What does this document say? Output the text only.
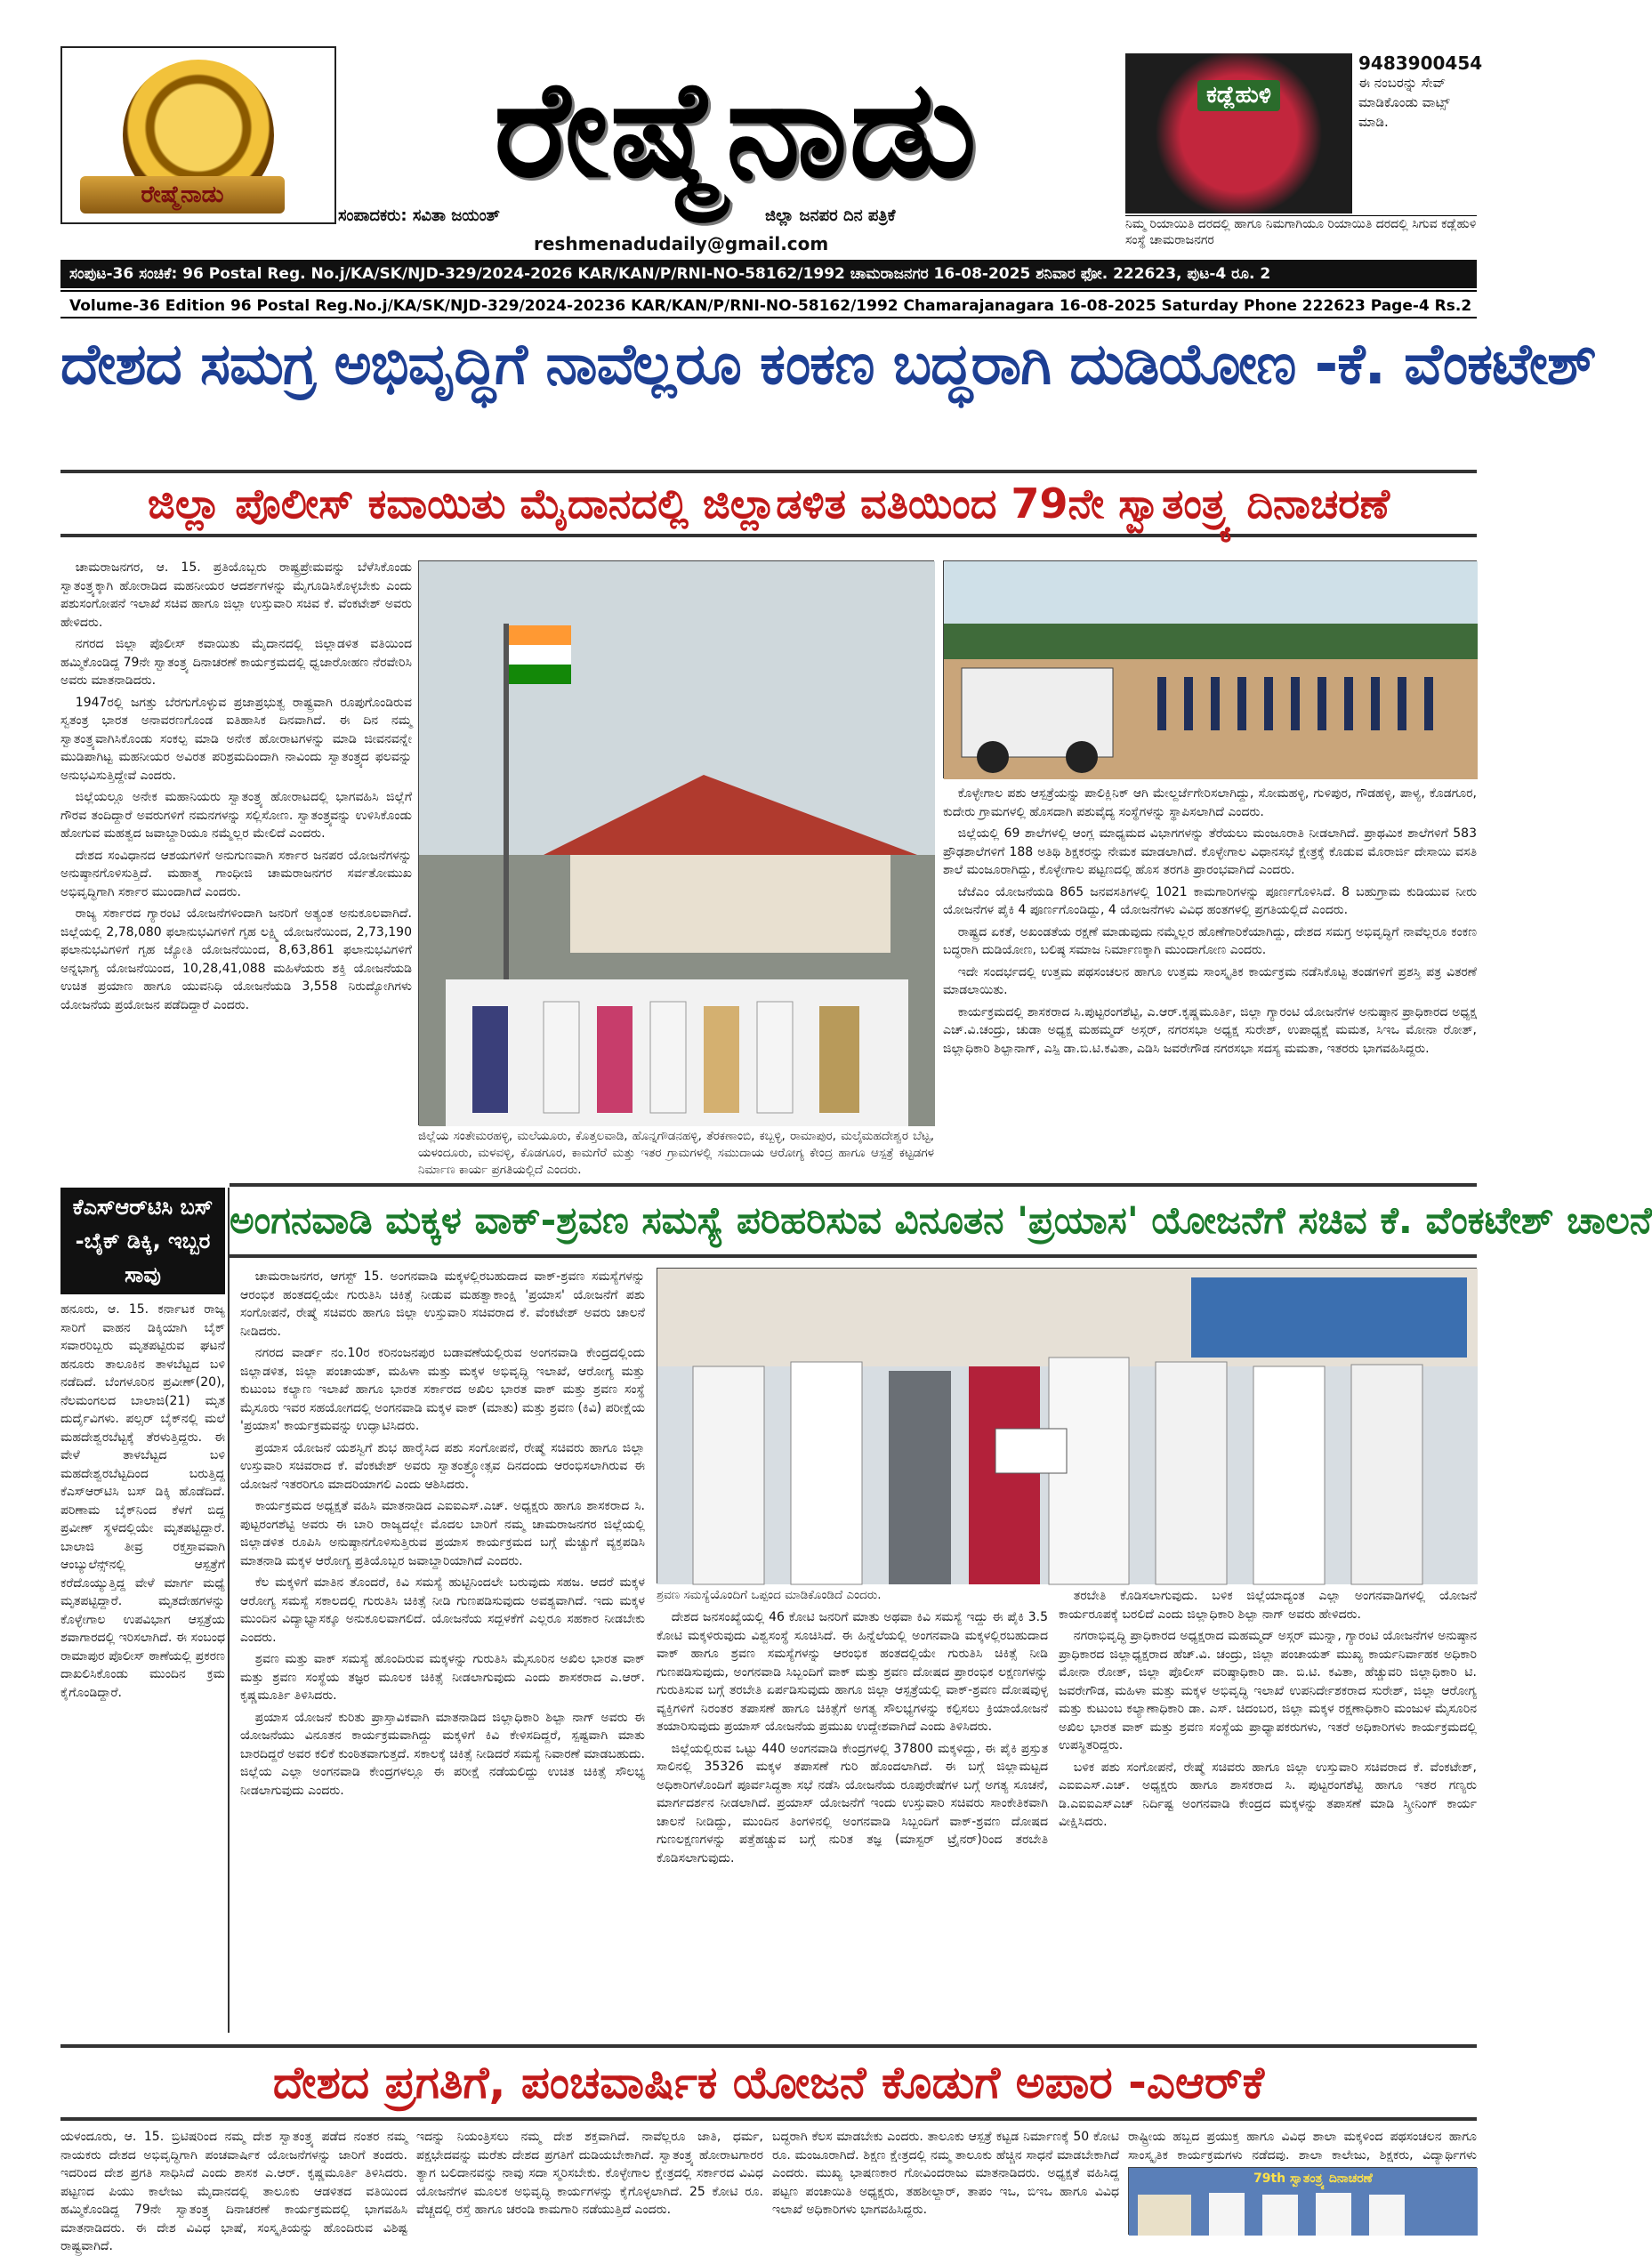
ರೇಷ್ಮೆನಾಡು	ರೇಷ್ಮೆನಾಡು	ಕಡ್ಲೆಹುಳಿ
9483900454
ಈ ನಂಬರನ್ನು ಸೇವ್ ಮಾಡಿಕೊಂಡು ವಾಟ್ಸ್ ಮಾಡಿ.
ನಿಮ್ಮ ರಿಯಾಯಿತಿ ದರದಲ್ಲಿ ಹಾಗೂ ನಿಮಗಾಗಿಯೂ ರಿಯಾಯಿತಿ ದರದಲ್ಲಿ ಸಿಗುವ ಕಡ್ಲೆಹುಳಿ ಸಂಸ್ಥೆ ಚಾಮರಾಜನಗರ
ಸಂಪಾದಕರು: ಸವಿತಾ ಜಯಂತ್	ಜಿಲ್ಲಾ ಜನಪರ ದಿನ ಪತ್ರಿಕೆ
reshmenadudaily@gmail.com
ಸಂಪುಟ-36 ಸಂಚಿಕೆ: 96 Postal Reg. No.j/KA/SK/NJD-329/2024-2026 KAR/KAN/P/RNI-NO-58162/1992 ಚಾಮರಾಜನಗರ 16-08-2025 ಶನಿವಾರ ಫೋ. 222623, ಪುಟ-4 ರೂ. 2
Volume-36 Edition 96 Postal Reg.No.j/KA/SK/NJD-329/2024-20236 KAR/KAN/P/RNI-NO-58162/1992 Chamarajanagara 16-08-2025 Saturday Phone 222623 Page-4 Rs.2
ದೇಶದ ಸಮಗ್ರ ಅಭಿವೃದ್ಧಿಗೆ ನಾವೆಲ್ಲರೂ ಕಂಕಣ ಬದ್ಧರಾಗಿ ದುಡಿಯೋಣ -ಕೆ. ವೆಂಕಟೇಶ್
ಜಿಲ್ಲಾ ಪೊಲೀಸ್ ಕವಾಯಿತು ಮೈದಾನದಲ್ಲಿ ಜಿಲ್ಲಾಡಳಿತ ವತಿಯಿಂದ 79ನೇ ಸ್ವಾತಂತ್ರ್ಯ ದಿನಾಚರಣೆ

ಚಾಮರಾಜನಗರ, ಆ. 15. ಪ್ರತಿಯೊಬ್ಬರು ರಾಷ್ಟ್ರಪ್ರೇಮವನ್ನು ಬೆಳೆಸಿಕೊಂಡು ಸ್ವಾತಂತ್ರ್ಯಕ್ಕಾಗಿ ಹೋರಾಡಿದ ಮಹನೀಯರ ಆದರ್ಶಗಳನ್ನು ಮೈಗೂಡಿಸಿಕೊಳ್ಳಬೇಕು ಎಂದು ಪಶುಸಂಗೋಪನೆ ಇಲಾಖೆ ಸಚಿವ ಹಾಗೂ ಜಿಲ್ಲಾ ಉಸ್ತುವಾರಿ ಸಚಿವ ಕೆ. ವೆಂಕಟೇಶ್ ಅವರು ಹೇಳಿದರು.

ನಗರದ ಜಿಲ್ಲಾ ಪೊಲೀಸ್ ಕವಾಯಿತು ಮೈದಾನದಲ್ಲಿ ಜಿಲ್ಲಾಡಳಿತ ವತಿಯಿಂದ ಹಮ್ಮಿಕೊಂಡಿದ್ದ 79ನೇ ಸ್ವಾತಂತ್ರ್ಯ ದಿನಾಚರಣೆ ಕಾರ್ಯಕ್ರಮದಲ್ಲಿ ಧ್ವಜಾರೋಹಣ ನೆರವೇರಿಸಿ ಅವರು ಮಾತನಾಡಿದರು.

1947ರಲ್ಲಿ ಜಗತ್ತು ಬೆರಗುಗೊಳ್ಳುವ ಪ್ರಜಾಪ್ರಭುತ್ವ ರಾಷ್ಟ್ರವಾಗಿ ರೂಪುಗೊಂಡಿರುವ ಸ್ವತಂತ್ರ ಭಾರತ ಅನಾವರಣಗೊಂಡ ಐತಿಹಾಸಿಕ ದಿನವಾಗಿದೆ. ಈ ದಿನ ನಮ್ಮ ಸ್ವಾತಂತ್ರ್ಯವಾಗಿಸಿಕೊಂಡು ಸಂಕಲ್ಪ ಮಾಡಿ ಅನೇಕ ಹೋರಾಟಗಳನ್ನು ಮಾಡಿ ಜೀವನವನ್ನೇ ಮುಡಿಪಾಗಿಟ್ಟ ಮಹನೀಯರ ಅವಿರತ ಪರಿಶ್ರಮದಿಂದಾಗಿ ನಾವಿಂದು ಸ್ವಾತಂತ್ರ್ಯದ ಫಲವನ್ನು ಅನುಭವಿಸುತ್ತಿದ್ದೇವೆ ಎಂದರು.

ಜಿಲ್ಲೆಯಲ್ಲೂ ಅನೇಕ ಮಹಾನಿಯರು ಸ್ವಾತಂತ್ರ್ಯ ಹೋರಾಟದಲ್ಲಿ ಭಾಗವಹಿಸಿ ಜಿಲ್ಲೆಗೆ ಗೌರವ ತಂದಿದ್ದಾರೆ ಅವರುಗಳಿಗೆ ನಮನಗಳನ್ನು ಸಲ್ಲಿಸೋಣ. ಸ್ವಾತಂತ್ರ್ಯವನ್ನು ಉಳಿಸಿಕೊಂಡು ಹೋಗುವ ಮಹತ್ವದ ಜವಾಬ್ದಾರಿಯೂ ನಮ್ಮೆಲ್ಲರ ಮೇಲಿದೆ ಎಂದರು.

ದೇಶದ ಸಂವಿಧಾನದ ಆಶಯಗಳಿಗೆ ಅನುಗುಣವಾಗಿ ಸರ್ಕಾರ ಜನಪರ ಯೋಜನೆಗಳನ್ನು ಅನುಷ್ಠಾನಗೊಳಿಸುತ್ತಿದೆ. ಮಹಾತ್ಮ ಗಾಂಧೀಜಿ ಚಾಮರಾಜನಗರ ಸರ್ವತೋಮುಖ ಅಭಿವೃದ್ಧಿಗಾಗಿ ಸರ್ಕಾರ ಮುಂದಾಗಿದೆ ಎಂದರು.

ರಾಜ್ಯ ಸರ್ಕಾರದ ಗ್ಯಾರಂಟಿ ಯೋಜನೆಗಳಿಂದಾಗಿ ಜನರಿಗೆ ಅತ್ಯಂತ ಅನುಕೂಲವಾಗಿದೆ. ಜಿಲ್ಲೆಯಲ್ಲಿ 2,78,080 ಫಲಾನುಭವಿಗಳಿಗೆ ಗೃಹ ಲಕ್ಷ್ಮಿ ಯೋಜನೆಯಿಂದ, 2,73,190 ಫಲಾನುಭವಿಗಳಿಗೆ ಗೃಹ ಜ್ಯೋತಿ ಯೋಜನೆಯಿಂದ, 8,63,861 ಫಲಾನುಭವಿಗಳಿಗೆ ಅನ್ನಭಾಗ್ಯ ಯೋಜನೆಯಿಂದ, 10,28,41,088 ಮಹಿಳೆಯರು ಶಕ್ತಿ ಯೋಜನೆಯಡಿ ಉಚಿತ ಪ್ರಯಾಣ ಹಾಗೂ ಯುವನಿಧಿ ಯೋಜನೆಯಡಿ 3,558 ನಿರುದ್ಯೋಗಿಗಳು ಯೋಜನೆಯ ಪ್ರಯೋಜನ ಪಡೆದಿದ್ದಾರೆ ಎಂದರು.

ಜಿಲ್ಲೆಯ ಸಂತೇಮರಹಳ್ಳಿ, ಮಲೆಯೂರು, ಕೊತ್ತಲವಾಡಿ, ಹೊನ್ನಗೌಡನಹಳ್ಳಿ, ತೆರಕಣಾಂಬಿ, ಕಬ್ಬಳ್ಳಿ, ರಾಮಾಪುರ, ಮಲೈಮಹದೇಶ್ವರ ಬೆಟ್ಟ, ಯಳಂದೂರು, ಮಳವಳ್ಳಿ, ಕೊಡಗೂರ, ಕಾಮಗೆರೆ ಮತ್ತು ಇತರ ಗ್ರಾಮಗಳಲ್ಲಿ ಸಮುದಾಯ ಆರೋಗ್ಯ ಕೇಂದ್ರ ಹಾಗೂ ಆಸ್ಪತ್ರೆ ಕಟ್ಟಡಗಳ ನಿರ್ಮಾಣ ಕಾರ್ಯ ಪ್ರಗತಿಯಲ್ಲಿದೆ ಎಂದರು.

ಕೊಳ್ಳೇಗಾಲ ಪಶು ಆಸ್ಪತ್ರೆಯನ್ನು ಪಾಲಿಕ್ಲಿನಿಕ್ ಆಗಿ ಮೇಲ್ದರ್ಜೆಗೇರಿಸಲಾಗಿದ್ದು, ಸೋಮಹಳ್ಳಿ, ಗುಳಿಪುರ, ಗೌಡಹಳ್ಳಿ, ಪಾಳ್ಯ, ಕೊಡಗೂರ, ಕುದೇರು ಗ್ರಾಮಗಳಲ್ಲಿ ಹೊಸದಾಗಿ ಪಶುವೈದ್ಯ ಸಂಸ್ಥೆಗಳನ್ನು ಸ್ಥಾಪಿಸಲಾಗಿದೆ ಎಂದರು.

ಜಿಲ್ಲೆಯಲ್ಲಿ 69 ಶಾಲೆಗಳಲ್ಲಿ ಆಂಗ್ಲ ಮಾಧ್ಯಮದ ವಿಭಾಗಗಳನ್ನು ತೆರೆಯಲು ಮಂಜೂರಾತಿ ನೀಡಲಾಗಿದೆ. ಪ್ರಾಥಮಿಕ ಶಾಲೆಗಳಿಗೆ 583 ಪ್ರೌಢಶಾಲೆಗಳಿಗೆ 188 ಅತಿಥಿ ಶಿಕ್ಷಕರನ್ನು ನೇಮಕ ಮಾಡಲಾಗಿದೆ. ಕೊಳ್ಳೇಗಾಲ ವಿಧಾನಸಭೆ ಕ್ಷೇತ್ರಕ್ಕೆ ಕೊಡುವ ಮೊರಾರ್ಜಿ ದೇಸಾಯಿ ವಸತಿ ಶಾಲೆ ಮಂಜೂರಾಗಿದ್ದು, ಕೊಳ್ಳೇಗಾಲ ಪಟ್ಟಣದಲ್ಲಿ ಹೊಸ ತರಗತಿ ಪ್ರಾರಂಭವಾಗಿದೆ ಎಂದರು.

ಜೆಜೆಎಂ ಯೋಜನೆಯಡಿ 865 ಜನವಸತಿಗಳಲ್ಲಿ 1021 ಕಾಮಗಾರಿಗಳನ್ನು ಪೂರ್ಣಗೊಳಿಸಿದೆ. 8 ಬಹುಗ್ರಾಮ ಕುಡಿಯುವ ನೀರು ಯೋಜನೆಗಳ ಪೈಕಿ 4 ಪೂರ್ಣಗೊಂಡಿದ್ದು, 4 ಯೋಜನೆಗಳು ವಿವಿಧ ಹಂತಗಳಲ್ಲಿ ಪ್ರಗತಿಯಲ್ಲಿದೆ ಎಂದರು.

ರಾಷ್ಟ್ರದ ಏಕತೆ, ಅಖಂಡತೆಯ ರಕ್ಷಣೆ ಮಾಡುವುದು ನಮ್ಮೆಲ್ಲರ ಹೊಣೆಗಾರಿಕೆಯಾಗಿದ್ದು, ದೇಶದ ಸಮಗ್ರ ಅಭಿವೃದ್ಧಿಗೆ ನಾವೆಲ್ಲರೂ ಕಂಕಣ ಬದ್ಧರಾಗಿ ದುಡಿಯೋಣ, ಬಲಿಷ್ಠ ಸಮಾಜ ನಿರ್ಮಾಣಕ್ಕಾಗಿ ಮುಂದಾಗೋಣ ಎಂದರು.

ಇದೇ ಸಂದರ್ಭದಲ್ಲಿ ಉತ್ತಮ ಪಥಸಂಚಲನ ಹಾಗೂ ಉತ್ತಮ ಸಾಂಸ್ಕೃತಿಕ ಕಾರ್ಯಕ್ರಮ ನಡೆಸಿಕೊಟ್ಟ ತಂಡಗಳಿಗೆ ಪ್ರಶಸ್ತಿ ಪತ್ರ ವಿತರಣೆ ಮಾಡಲಾಯಿತು.

ಕಾರ್ಯಕ್ರಮದಲ್ಲಿ ಶಾಸಕರಾದ ಸಿ.ಪುಟ್ಟರಂಗಶೆಟ್ಟಿ, ಎ.ಆರ್.ಕೃಷ್ಣಮೂರ್ತಿ, ಜಿಲ್ಲಾ ಗ್ಯಾರಂಟಿ ಯೋಜನೆಗಳ ಅನುಷ್ಠಾನ ಪ್ರಾಧಿಕಾರದ ಅಧ್ಯಕ್ಷ ಎಚ್.ವಿ.ಚಂದ್ರು, ಚುಡಾ ಅಧ್ಯಕ್ಷ ಮಹಮ್ಮದ್ ಅಸ್ಗರ್, ನಗರಸಭಾ ಅಧ್ಯಕ್ಷ ಸುರೇಶ್, ಉಪಾಧ್ಯಕ್ಷೆ ಮಮತ, ಸಿಇಒ ಮೋನಾ ರೋತ್, ಜಿಲ್ಲಾಧಿಕಾರಿ ಶಿಲ್ಪಾನಾಗ್, ಎಸ್ಪಿ ಡಾ.ಬಿ.ಟಿ.ಕವಿತಾ, ಎಡಿಸಿ ಜವರೇಗೌಡ ನಗರಸಭಾ ಸದಸ್ಯ ಮಮತಾ, ಇತರರು ಭಾಗವಹಿಸಿದ್ದರು.

ಕೆಎಸ್ಆರ್‌ಟಿಸಿ ಬಸ್ -ಬೈಕ್ ಡಿಕ್ಕಿ, ಇಬ್ಬರ ಸಾವು
ಹನೂರು, ಆ. 15. ಕರ್ನಾಟಕ ರಾಜ್ಯ ಸಾರಿಗೆ ವಾಹನ ಡಿಕ್ಕಿಯಾಗಿ ಬೈಕ್ ಸವಾರರಿಬ್ಬರು ಮೃತಪಟ್ಟಿರುವ ಘಟನೆ ಹನೂರು ತಾಲೂಕಿನ ತಾಳಬೆಟ್ಟದ ಬಳಿ ನಡೆದಿದೆ. ಬೆಂಗಳೂರಿನ ಪ್ರವೀಣ್(20), ನೆಲಮಂಗಲದ ಬಾಲಾಜಿ(21) ಮೃತ ದುರ್ದೈವಿಗಳು. ಪಲ್ಸರ್ ಬೈಕ್‌ನಲ್ಲಿ ಮಲೆ ಮಹದೇಶ್ವರಬೆಟ್ಟಕ್ಕೆ ತೆರಳುತ್ತಿದ್ದರು. ಈ ವೇಳೆ ತಾಳಬೆಟ್ಟದ ಬಳಿ ಮಹದೇಶ್ವರಬೆಟ್ಟದಿಂದ ಬರುತ್ತಿದ್ದ ಕೆಎಸ್ಆರ್‌ಟಿಸಿ ಬಸ್ ಡಿಕ್ಕಿ ಹೊಡೆದಿದೆ. ಪರಿಣಾಮ ಬೈಕ್‌ನಿಂದ ಕೆಳಗೆ ಬಿದ್ದ ಪ್ರವೀಣ್ ಸ್ಥಳದಲ್ಲಿಯೇ ಮೃತಪಟ್ಟಿದ್ದಾರೆ. ಬಾಲಾಜಿ ತೀವ್ರ ರಕ್ತಸ್ರಾವವಾಗಿ ಆಂಬ್ಯುಲೆನ್ಸ್‌ನಲ್ಲಿ ಆಸ್ಪತ್ರೆಗೆ ಕರೆದೊಯ್ಯುತ್ತಿದ್ದ ವೇಳೆ ಮಾರ್ಗ ಮಧ್ಯೆ ಮೃತಪಟ್ಟಿದ್ದಾರೆ. ಮೃತದೇಹಗಳನ್ನು ಕೊಳ್ಳೇಗಾಲ ಉಪವಿಭಾಗ ಆಸ್ಪತ್ರೆಯ ಶವಾಗಾರದಲ್ಲಿ ಇರಿಸಲಾಗಿದೆ. ಈ ಸಂಬಂಧ ರಾಮಾಪುರ ಪೊಲೀಸ್ ಠಾಣೆಯಲ್ಲಿ ಪ್ರಕರಣ ದಾಖಲಿಸಿಕೊಂಡು ಮುಂದಿನ ಕ್ರಮ ಕೈಗೊಂಡಿದ್ದಾರೆ.
ಅಂಗನವಾಡಿ ಮಕ್ಕಳ ವಾಕ್-ಶ್ರವಣ ಸಮಸ್ಯೆ ಪರಿಹರಿಸುವ ವಿನೂತನ 'ಪ್ರಯಾಸ' ಯೋಜನೆಗೆ ಸಚಿವ ಕೆ. ವೆಂಕಟೇಶ್ ಚಾಲನೆ

ಚಾಮರಾಜನಗರ, ಆಗಸ್ಟ್ 15. ಅಂಗನವಾಡಿ ಮಕ್ಕಳಲ್ಲಿರಬಹುದಾದ ವಾಕ್-ಶ್ರವಣ ಸಮಸ್ಯೆಗಳನ್ನು ಆರಂಭಿಕ ಹಂತದಲ್ಲಿಯೇ ಗುರುತಿಸಿ ಚಿಕಿತ್ಸೆ ನೀಡುವ ಮಹತ್ವಾಕಾಂಕ್ಷಿ 'ಪ್ರಯಾಸ' ಯೋಜನೆಗೆ ಪಶು ಸಂಗೋಪನೆ, ರೇಷ್ಮೆ ಸಚಿವರು ಹಾಗೂ ಜಿಲ್ಲಾ ಉಸ್ತುವಾರಿ ಸಚಿವರಾದ ಕೆ. ವೆಂಕಟೇಶ್ ಅವರು ಚಾಲನೆ ನೀಡಿದರು.

ನಗರದ ವಾರ್ಡ್ ನಂ.10ರ ಕರಿನಂಜನಪುರ ಬಡಾವಣೆಯಲ್ಲಿರುವ ಅಂಗನವಾಡಿ ಕೇಂದ್ರದಲ್ಲಿಂದು ಜಿಲ್ಲಾಡಳಿತ, ಜಿಲ್ಲಾ ಪಂಚಾಯತ್, ಮಹಿಳಾ ಮತ್ತು ಮಕ್ಕಳ ಅಭಿವೃದ್ಧಿ ಇಲಾಖೆ, ಆರೋಗ್ಯ ಮತ್ತು ಕುಟುಂಬ ಕಲ್ಯಾಣ ಇಲಾಖೆ ಹಾಗೂ ಭಾರತ ಸರ್ಕಾರದ ಅಖಿಲ ಭಾರತ ವಾಕ್ ಮತ್ತು ಶ್ರವಣ ಸಂಸ್ಥೆ ಮೈಸೂರು ಇವರ ಸಹಯೋಗದಲ್ಲಿ ಅಂಗನವಾಡಿ ಮಕ್ಕಳ ವಾಕ್ (ಮಾತು) ಮತ್ತು ಶ್ರವಣ (ಕಿವಿ) ಪರೀಕ್ಷೆಯ 'ಪ್ರಯಾಸ' ಕಾರ್ಯಕ್ರಮವನ್ನು ಉದ್ಘಾಟಿಸಿದರು.

ಪ್ರಯಾಸ ಯೋಜನೆ ಯಶಸ್ವಿಗೆ ಶುಭ ಹಾರೈಸಿದ ಪಶು ಸಂಗೋಪನೆ, ರೇಷ್ಮೆ ಸಚಿವರು ಹಾಗೂ ಜಿಲ್ಲಾ ಉಸ್ತುವಾರಿ ಸಚಿವರಾದ ಕೆ. ವೆಂಕಟೇಶ್ ಅವರು ಸ್ವಾತಂತ್ರ್ಯೋತ್ಸವ ದಿನದಂದು ಆರಂಭಿಸಲಾಗಿರುವ ಈ ಯೋಜನೆ ಇತರರಿಗೂ ಮಾದರಿಯಾಗಲಿ ಎಂದು ಆಶಿಸಿದರು.

ಕಾರ್ಯಕ್ರಮದ ಅಧ್ಯಕ್ಷತೆ ವಹಿಸಿ ಮಾತನಾಡಿದ ಎಐಐಎಸ್.ಎಚ್. ಅಧ್ಯಕ್ಷರು ಹಾಗೂ ಶಾಸಕರಾದ ಸಿ. ಪುಟ್ಟರಂಗಶೆಟ್ಟಿ ಅವರು ಈ ಬಾರಿ ರಾಜ್ಯದಲ್ಲೇ ಮೊದಲ ಬಾರಿಗೆ ನಮ್ಮ ಚಾಮರಾಜನಗರ ಜಿಲ್ಲೆಯಲ್ಲಿ ಜಿಲ್ಲಾಡಳಿತ ರೂಪಿಸಿ ಅನುಷ್ಠಾನಗೊಳಿಸುತ್ತಿರುವ ಪ್ರಯಾಸ ಕಾರ್ಯಕ್ರಮದ ಬಗ್ಗೆ ಮೆಚ್ಚುಗೆ ವ್ಯಕ್ತಪಡಿಸಿ ಮಾತನಾಡಿ ಮಕ್ಕಳ ಆರೋಗ್ಯ ಪ್ರತಿಯೊಬ್ಬರ ಜವಾಬ್ದಾರಿಯಾಗಿದೆ ಎಂದರು.

ಕೆಲ ಮಕ್ಕಳಿಗೆ ಮಾತಿನ ತೊಂದರೆ, ಕಿವಿ ಸಮಸ್ಯೆ ಹುಟ್ಟಿನಿಂದಲೇ ಬರುವುದು ಸಹಜ. ಆದರೆ ಮಕ್ಕಳ ಆರೋಗ್ಯ ಸಮಸ್ಯೆ ಸಕಾಲದಲ್ಲಿ ಗುರುತಿಸಿ ಚಿಕಿತ್ಸೆ ನೀಡಿ ಗುಣಪಡಿಸುವುದು ಅವಶ್ಯವಾಗಿದೆ. ಇದು ಮಕ್ಕಳ ಮುಂದಿನ ವಿದ್ಯಾಭ್ಯಾಸಕ್ಕೂ ಅನುಕೂಲವಾಗಲಿದೆ. ಯೋಜನೆಯ ಸದ್ಬಳಕೆಗೆ ಎಲ್ಲರೂ ಸಹಕಾರ ನೀಡಬೇಕು ಎಂದರು.

ಶ್ರವಣ ಮತ್ತು ವಾಕ್ ಸಮಸ್ಯೆ ಹೊಂದಿರುವ ಮಕ್ಕಳನ್ನು ಗುರುತಿಸಿ ಮೈಸೂರಿನ ಅಖಿಲ ಭಾರತ ವಾಕ್ ಮತ್ತು ಶ್ರವಣ ಸಂಸ್ಥೆಯ ತಜ್ಞರ ಮೂಲಕ ಚಿಕಿತ್ಸೆ ನೀಡಲಾಗುವುದು ಎಂದು ಶಾಸಕರಾದ ಎ.ಆರ್. ಕೃಷ್ಣಮೂರ್ತಿ ತಿಳಿಸಿದರು.

ಪ್ರಯಾಸ ಯೋಜನೆ ಕುರಿತು ಪ್ರಾಸ್ತಾವಿಕವಾಗಿ ಮಾತನಾಡಿದ ಜಿಲ್ಲಾಧಿಕಾರಿ ಶಿಲ್ಪಾ ನಾಗ್ ಅವರು ಈ ಯೋಜನೆಯು ವಿನೂತನ ಕಾರ್ಯಕ್ರಮವಾಗಿದ್ದು ಮಕ್ಕಳಿಗೆ ಕಿವಿ ಕೇಳಿಸದಿದ್ದರೆ, ಸ್ಪಷ್ಟವಾಗಿ ಮಾತು ಬಾರದಿದ್ದರೆ ಅವರ ಕಲಿಕೆ ಕುಂಠಿತವಾಗುತ್ತದೆ. ಸಕಾಲಕ್ಕೆ ಚಿಕಿತ್ಸೆ ನೀಡಿದರೆ ಸಮಸ್ಯೆ ನಿವಾರಣೆ ಮಾಡಬಹುದು. ಜಿಲ್ಲೆಯ ಎಲ್ಲಾ ಅಂಗನವಾಡಿ ಕೇಂದ್ರಗಳಲ್ಲೂ ಈ ಪರೀಕ್ಷೆ ನಡೆಯಲಿದ್ದು ಉಚಿತ ಚಿಕಿತ್ಸೆ ಸೌಲಭ್ಯ ನೀಡಲಾಗುವುದು ಎಂದರು.

ಶ್ರವಣ ಸಮಸ್ಯೆಯೊಂದಿಗೆ ಒಪ್ಪಂದ ಮಾಡಿಕೊಂಡಿದೆ ಎಂದರು.

ದೇಶದ ಜನಸಂಖ್ಯೆಯಲ್ಲಿ 46 ಕೋಟಿ ಜನರಿಗೆ ಮಾತು ಅಥವಾ ಕಿವಿ ಸಮಸ್ಯೆ ಇದ್ದು ಈ ಪೈಕಿ 3.5 ಕೋಟಿ ಮಕ್ಕಳಿರುವುದು ವಿಶ್ವಸಂಸ್ಥೆ ಸೂಚಿಸಿದೆ. ಈ ಹಿನ್ನೆಲೆಯಲ್ಲಿ ಅಂಗನವಾಡಿ ಮಕ್ಕಳಲ್ಲಿರಬಹುದಾದ ವಾಕ್ ಹಾಗೂ ಶ್ರವಣ ಸಮಸ್ಯೆಗಳನ್ನು ಆರಂಭಿಕ ಹಂತದಲ್ಲಿಯೇ ಗುರುತಿಸಿ ಚಿಕಿತ್ಸೆ ನೀಡಿ ಗುಣಪಡಿಸುವುದು, ಅಂಗನವಾಡಿ ಸಿಬ್ಬಂದಿಗೆ ವಾಕ್ ಮತ್ತು ಶ್ರವಣ ದೋಷದ ಪ್ರಾರಂಭಿಕ ಲಕ್ಷಣಗಳನ್ನು ಗುರುತಿಸುವ ಬಗ್ಗೆ ತರಬೇತಿ ಏರ್ಪಡಿಸುವುದು ಹಾಗೂ ಜಿಲ್ಲಾ ಆಸ್ಪತ್ರೆಯಲ್ಲಿ ವಾಕ್-ಶ್ರವಣ ದೋಷವುಳ್ಳ ವ್ಯಕ್ತಿಗಳಿಗೆ ನಿರಂತರ ತಪಾಸಣೆ ಹಾಗೂ ಚಿಕಿತ್ಸೆಗೆ ಅಗತ್ಯ ಸೌಲಭ್ಯಗಳನ್ನು ಕಲ್ಪಿಸಲು ಕ್ರಿಯಾಯೋಜನೆ ತಯಾರಿಸುವುದು ಪ್ರಯಾಸ್ ಯೋಜನೆಯ ಪ್ರಮುಖ ಉದ್ದೇಶವಾಗಿದೆ ಎಂದು ತಿಳಿಸಿದರು.

ಜಿಲ್ಲೆಯಲ್ಲಿರುವ ಒಟ್ಟು 440 ಅಂಗನವಾಡಿ ಕೇಂದ್ರಗಳಲ್ಲಿ 37800 ಮಕ್ಕಳಿದ್ದು, ಈ ಪೈಕಿ ಪ್ರಸ್ತುತ ಸಾಲಿನಲ್ಲಿ 35326 ಮಕ್ಕಳ ತಪಾಸಣೆ ಗುರಿ ಹೊಂದಲಾಗಿದೆ. ಈ ಬಗ್ಗೆ ಜಿಲ್ಲಾಮಟ್ಟದ ಅಧಿಕಾರಿಗಳೊಂದಿಗೆ ಪೂರ್ವಸಿದ್ಧತಾ ಸಭೆ ನಡೆಸಿ ಯೋಜನೆಯ ರೂಪುರೇಷೆಗಳ ಬಗ್ಗೆ ಅಗತ್ಯ ಸೂಚನೆ, ಮಾರ್ಗದರ್ಶನ ನೀಡಲಾಗಿದೆ. ಪ್ರಯಾಸ್ ಯೋಜನೆಗೆ ಇಂದು ಉಸ್ತುವಾರಿ ಸಚಿವರು ಸಾಂಕೇತಿಕವಾಗಿ ಚಾಲನೆ ನೀಡಿದ್ದು, ಮುಂದಿನ ತಿಂಗಳಿನಲ್ಲಿ ಅಂಗನವಾಡಿ ಸಿಬ್ಬಂದಿಗೆ ವಾಕ್-ಶ್ರವಣ ದೋಷದ ಗುಣಲಕ್ಷಣಗಳನ್ನು ಪತ್ತೆಹಚ್ಚುವ ಬಗ್ಗೆ ನುರಿತ ತಜ್ಞ (ಮಾಸ್ಟರ್ ಟ್ರೈನರ್)ರಿಂದ ತರಬೇತಿ ಕೊಡಿಸಲಾಗುವುದು.

ತರಬೇತಿ ಕೊಡಿಸಲಾಗುವುದು. ಬಳಿಕ ಜಿಲ್ಲೆಯಾದ್ಯಂತ ಎಲ್ಲಾ ಅಂಗನವಾಡಿಗಳಲ್ಲಿ ಯೋಜನೆ ಕಾರ್ಯರೂಪಕ್ಕೆ ಬರಲಿದೆ ಎಂದು ಜಿಲ್ಲಾಧಿಕಾರಿ ಶಿಲ್ಪಾ ನಾಗ್ ಅವರು ಹೇಳಿದರು.

ನಗರಾಭಿವೃದ್ಧಿ ಪ್ರಾಧಿಕಾರದ ಅಧ್ಯಕ್ಷರಾದ ಮಹಮ್ಮದ್ ಅಸ್ಗರ್ ಮುನ್ನಾ, ಗ್ಯಾರಂಟಿ ಯೋಜನೆಗಳ ಅನುಷ್ಠಾನ ಪ್ರಾಧಿಕಾರದ ಜಿಲ್ಲಾಧ್ಯಕ್ಷರಾದ ಹೆಚ್.ವಿ. ಚಂದ್ರು, ಜಿಲ್ಲಾ ಪಂಚಾಯತ್ ಮುಖ್ಯ ಕಾರ್ಯನಿರ್ವಾಹಕ ಅಧಿಕಾರಿ ಮೋನಾ ರೋತ್, ಜಿಲ್ಲಾ ಪೊಲೀಸ್ ವರಿಷ್ಠಾಧಿಕಾರಿ ಡಾ. ಬಿ.ಟಿ. ಕವಿತಾ, ಹೆಚ್ಚುವರಿ ಜಿಲ್ಲಾಧಿಕಾರಿ ಟಿ. ಜವರೇಗೌಡ, ಮಹಿಳಾ ಮತ್ತು ಮಕ್ಕಳ ಅಭಿವೃದ್ಧಿ ಇಲಾಖೆ ಉಪನಿರ್ದೇಶಕರಾದ ಸುರೇಶ್, ಜಿಲ್ಲಾ ಆರೋಗ್ಯ ಮತ್ತು ಕುಟುಂಬ ಕಲ್ಯಾಣಾಧಿಕಾರಿ ಡಾ. ಎಸ್. ಚಿದಂಬರ, ಜಿಲ್ಲಾ ಮಕ್ಕಳ ರಕ್ಷಣಾಧಿಕಾರಿ ಮಂಜುಳ ಮೈಸೂರಿನ ಅಖಿಲ ಭಾರತ ವಾಕ್ ಮತ್ತು ಶ್ರವಣ ಸಂಸ್ಥೆಯ ಪ್ರಾಧ್ಯಾಪಕರುಗಳು, ಇತರೆ ಅಧಿಕಾರಿಗಳು ಕಾರ್ಯಕ್ರಮದಲ್ಲಿ ಉಪಸ್ಥಿತರಿದ್ದರು.

ಬಳಿಕ ಪಶು ಸಂಗೋಪನೆ, ರೇಷ್ಮೆ ಸಚಿವರು ಹಾಗೂ ಜಿಲ್ಲಾ ಉಸ್ತುವಾರಿ ಸಚಿವರಾದ ಕೆ. ವೆಂಕಟೇಶ್, ಎಐಐಎಸ್.ಎಚ್. ಅಧ್ಯಕ್ಷರು ಹಾಗೂ ಶಾಸಕರಾದ ಸಿ. ಪುಟ್ಟರಂಗಶೆಟ್ಟಿ ಹಾಗೂ ಇತರ ಗಣ್ಯರು ಡಿ.ಎಐಐಎಸ್ಎಚ್ ನಿರ್ದಿಷ್ಟ ಅಂಗನವಾಡಿ ಕೇಂದ್ರದ ಮಕ್ಕಳನ್ನು ತಪಾಸಣೆ ಮಾಡಿ ಸ್ಕ್ರೀನಿಂಗ್ ಕಾರ್ಯ ವೀಕ್ಷಿಸಿದರು.

ದೇಶದ ಪ್ರಗತಿಗೆ, ಪಂಚವಾರ್ಷಿಕ ಯೋಜನೆ ಕೊಡುಗೆ ಅಪಾರ -ಎಆರ್‌ಕೆ
ಯಳಂದೂರು, ಆ. 15. ಬ್ರಿಟಿಷರಿಂದ ನಮ್ಮ ದೇಶ ಸ್ವಾತಂತ್ರ್ಯ ಪಡೆದ ನಂತರ ನಮ್ಮ ನಾಯಕರು ದೇಶದ ಅಭಿವೃದ್ಧಿಗಾಗಿ ಪಂಚವಾರ್ಷಿಕ ಯೋಜನೆಗಳನ್ನು ಜಾರಿಗೆ ತಂದರು. ಇದರಿಂದ ದೇಶ ಪ್ರಗತಿ ಸಾಧಿಸಿದೆ ಎಂದು ಶಾಸಕ ಎ.ಆರ್. ಕೃಷ್ಣಮೂರ್ತಿ ತಿಳಿಸಿದರು. ಪಟ್ಟಣದ ಪಿಯು ಕಾಲೇಜು ಮೈದಾನದಲ್ಲಿ ತಾಲೂಕು ಆಡಳಿತದ ವತಿಯಿಂದ ಹಮ್ಮಿಕೊಂಡಿದ್ದ 79ನೇ ಸ್ವಾತಂತ್ರ್ಯ ದಿನಾಚರಣೆ ಕಾರ್ಯಕ್ರಮದಲ್ಲಿ ಭಾಗವಹಿಸಿ ಮಾತನಾಡಿದರು. ಈ ದೇಶ ವಿವಿಧ ಭಾಷೆ, ಸಂಸ್ಕೃತಿಯನ್ನು ಹೊಂದಿರುವ ವಿಶಿಷ್ಟ ರಾಷ್ಟ್ರವಾಗಿದೆ.
ಇದನ್ನು ನಿಯಂತ್ರಿಸಲು ನಮ್ಮ ದೇಶ ಶಕ್ತವಾಗಿದೆ. ನಾವೆಲ್ಲರೂ ಜಾತಿ, ಧರ್ಮ, ಪಕ್ಷಭೇದವನ್ನು ಮರೆತು ದೇಶದ ಪ್ರಗತಿಗೆ ದುಡಿಯಬೇಕಾಗಿದೆ. ಸ್ವಾತಂತ್ರ್ಯ ಹೋರಾಟಗಾರರ ತ್ಯಾಗ ಬಲಿದಾನವನ್ನು ನಾವು ಸದಾ ಸ್ಮರಿಸಬೇಕು. ಕೊಳ್ಳೇಗಾಲ ಕ್ಷೇತ್ರದಲ್ಲಿ ಸರ್ಕಾರದ ವಿವಿಧ ಯೋಜನೆಗಳ ಮೂಲಕ ಅಭಿವೃದ್ಧಿ ಕಾರ್ಯಗಳನ್ನು ಕೈಗೊಳ್ಳಲಾಗಿದೆ. 25 ಕೋಟಿ ರೂ. ವೆಚ್ಚದಲ್ಲಿ ರಸ್ತೆ ಹಾಗೂ ಚರಂಡಿ ಕಾಮಗಾರಿ ನಡೆಯುತ್ತಿದೆ ಎಂದರು.
ಬದ್ಧರಾಗಿ ಕೆಲಸ ಮಾಡಬೇಕು ಎಂದರು. ತಾಲೂಕು ಆಸ್ಪತ್ರೆ ಕಟ್ಟಡ ನಿರ್ಮಾಣಕ್ಕೆ 50 ಕೋಟಿ ರೂ. ಮಂಜೂರಾಗಿದೆ. ಶಿಕ್ಷಣ ಕ್ಷೇತ್ರದಲ್ಲಿ ನಮ್ಮ ತಾಲೂಕು ಹೆಚ್ಚಿನ ಸಾಧನೆ ಮಾಡಬೇಕಾಗಿದೆ ಎಂದರು. ಮುಖ್ಯ ಭಾಷಣಕಾರ ಗೋವಿಂದರಾಜು ಮಾತನಾಡಿದರು. ಅಧ್ಯಕ್ಷತೆ ವಹಿಸಿದ್ದ ಪಟ್ಟಣ ಪಂಚಾಯಿತಿ ಅಧ್ಯಕ್ಷರು, ತಹಶೀಲ್ದಾರ್, ತಾಪಂ ಇಒ, ಬಿಇಒ ಹಾಗೂ ವಿವಿಧ ಇಲಾಖೆ ಅಧಿಕಾರಿಗಳು ಭಾಗವಹಿಸಿದ್ದರು.
ರಾಷ್ಟ್ರೀಯ ಹಬ್ಬದ ಪ್ರಯುಕ್ತ ಹಾಗೂ ವಿವಿಧ ಶಾಲಾ ಮಕ್ಕಳಿಂದ ಪಥಸಂಚಲನ ಹಾಗೂ ಸಾಂಸ್ಕೃತಿಕ ಕಾರ್ಯಕ್ರಮಗಳು ನಡೆದವು. ಶಾಲಾ ಕಾಲೇಜು, ಶಿಕ್ಷಕರು, ವಿದ್ಯಾರ್ಥಿಗಳು
79th ಸ್ವಾತಂತ್ರ್ಯ ದಿನಾಚರಣೆ
